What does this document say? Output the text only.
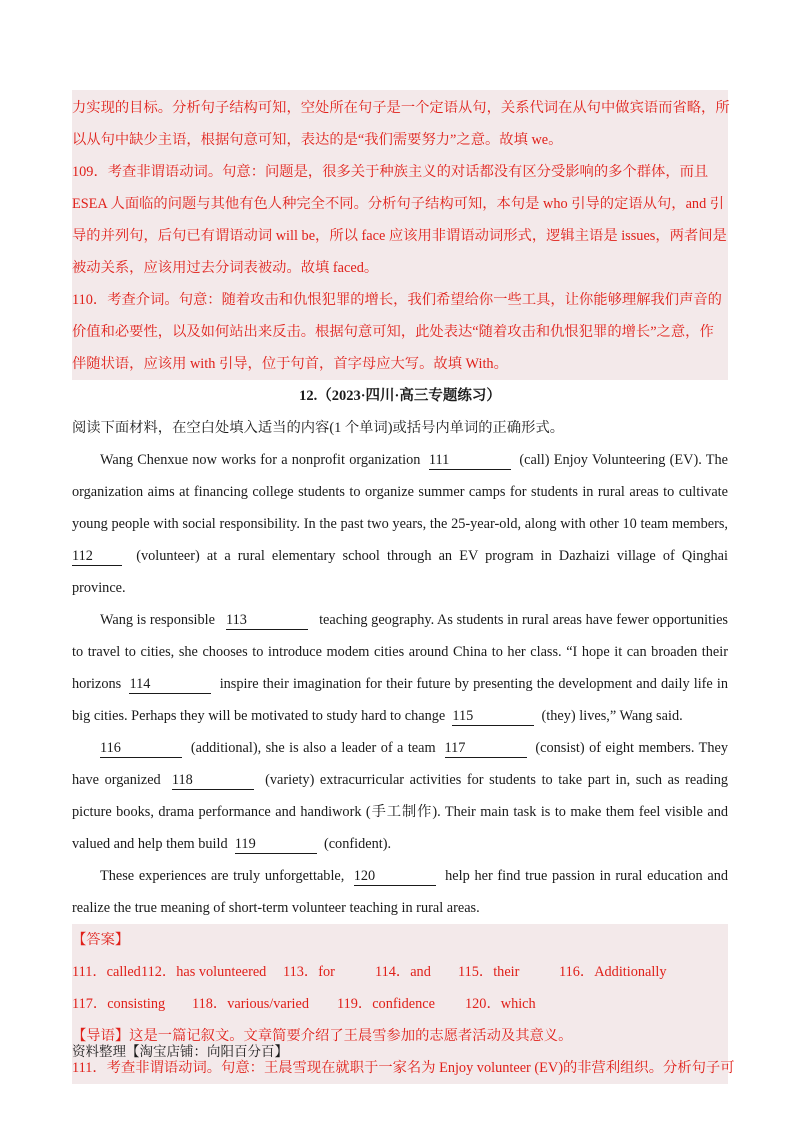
力实现的目标。分析句子结构可知，空处所在句子是一个定语从句，关系代词在从句中做宾语而省略，所

以从句中缺少主语，根据句意可知，表达的是“我们需要努力”之意。故填 we。

109．考查非谓语动词。句意：问题是，很多关于种族主义的对话都没有区分受影响的多个群体，而且

ESEA 人面临的问题与其他有色人种完全不同。分析句子结构可知，本句是 who 引导的定语从句，and 引

导的并列句，后句已有谓语动词 will be，所以 face 应该用非谓语动词形式，逻辑主语是 issues，两者间是

被动关系，应该用过去分词表被动。故填 faced。

110．考查介词。句意：随着攻击和仇恨犯罪的增长，我们希望给你一些工具，让你能够理解我们声音的

价值和必要性，以及如何站出来反击。根据句意可知，此处表达“随着攻击和仇恨犯罪的增长”之意，作

伴随状语，应该用 with 引导，位于句首，首字母应大写。故填 With。

12.（2023·四川·高三专题练习）

阅读下面材料，在空白处填入适当的内容(1 个单词)或括号内单词的正确形式。

Wang Chenxue now works for a nonprofit organization 111	(call) Enjoy Volunteering (EV). The organization aims at financing college students to organize summer camps for students in rural areas to cultivate young people with social responsibility. In the past two years, the 25-year-old, along with other 10 team members, 112	(volunteer) at a rural elementary school through an EV program in Dazhaizi village of Qinghai province.

Wang is responsible 113	teaching geography. As students in rural areas have fewer opportunities to travel to cities, she chooses to introduce modem cities around China to her class. “I hope it can broaden their horizons 114	inspire their imagination for their future by presenting the development and daily life in big cities. Perhaps they will be motivated to study hard to change 115	(they) lives,” Wang said.

116	(additional), she is also a leader of a team 117	(consist) of eight members. They have organized 118	(variety) extracurricular activities for students to take part in, such as reading picture books, drama performance and handiwork (手工制作). Their main task is to make them feel visible and valued and help them build 119	(confident).

These experiences are truly unforgettable, 120	help her find true passion in rural education and realize the true meaning of short-term volunteer teaching in rural areas.

【答案】

111．called112．has volunteered 113．for	114．and 115．their	116．Additionally

117．consisting 118．various/varied 119．confidence 120．which

【导语】这是一篇记叙文。文章简要介绍了王晨雪参加的志愿者活动及其意义。

111．考查非谓语动词。句意：王晨雪现在就职于一家名为 Enjoy volunteer (EV)的非营利组织。分析句子可

资料整理【淘宝店铺：向阳百分百】
